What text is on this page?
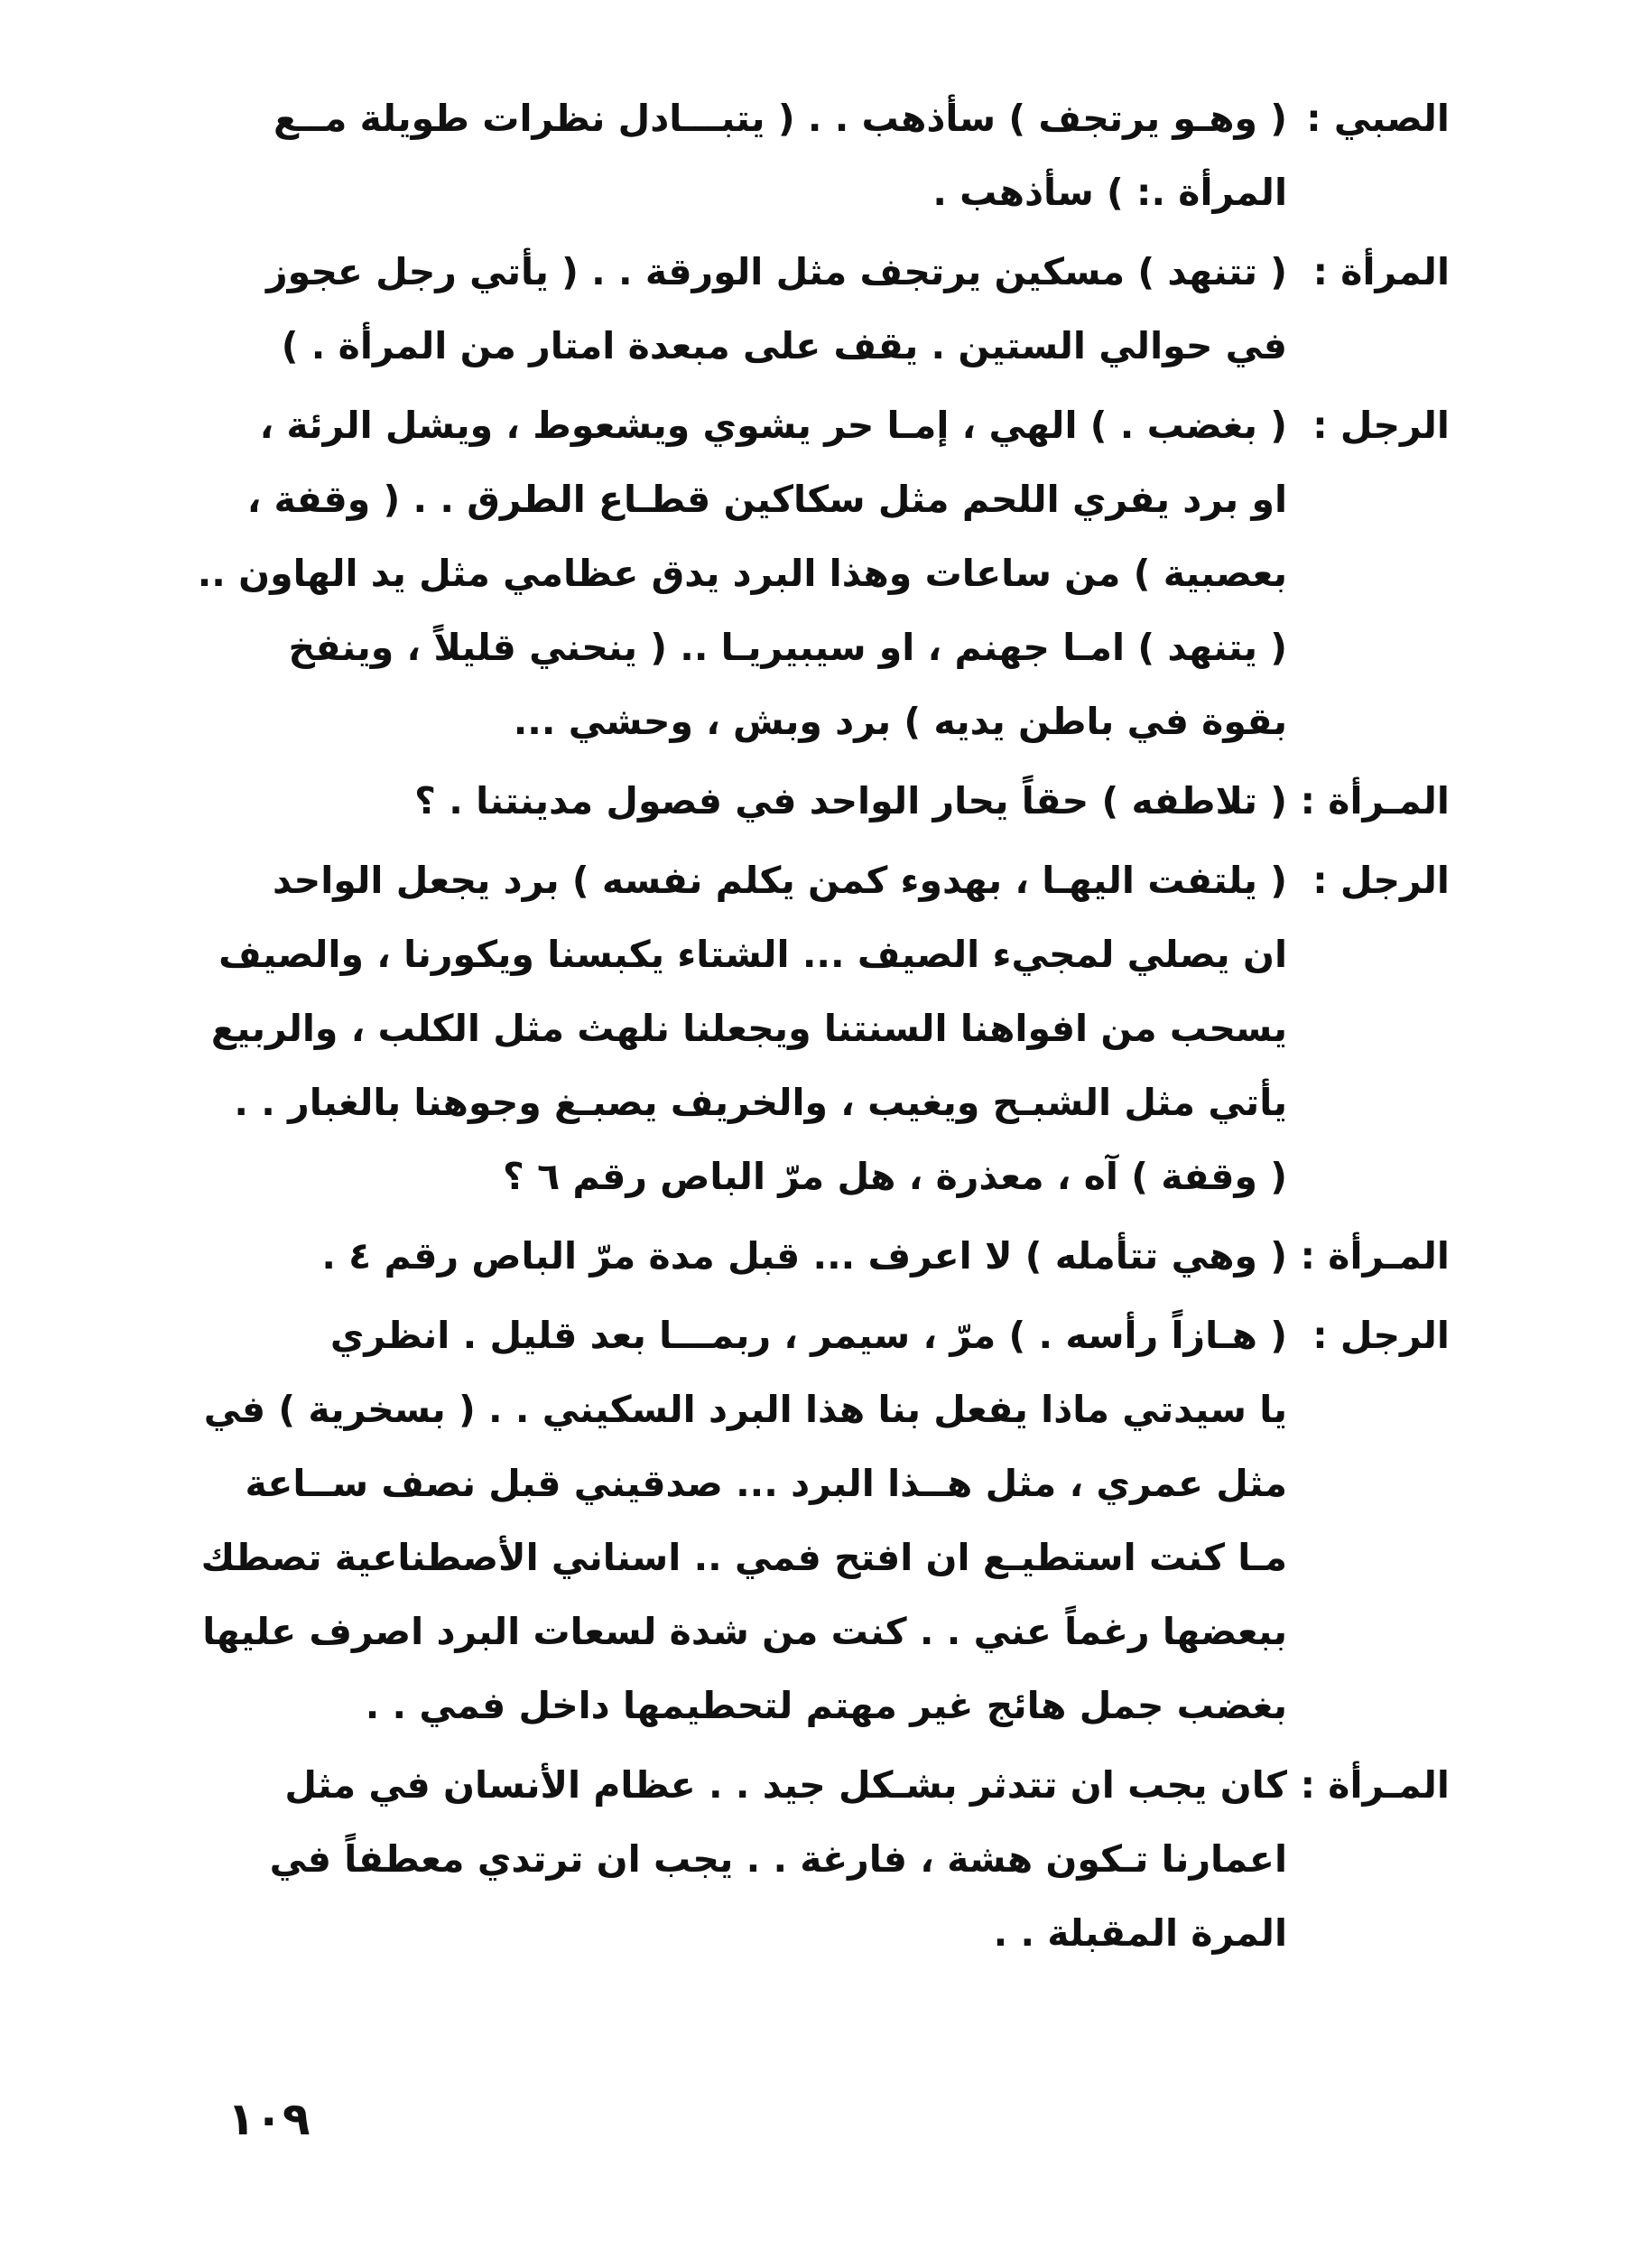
الصبي :
( وهـو يرتجف ) سأذهب . . ( يتبـــادل نظرات طويلة مــع
المرأة .: ) سأذهب .
المرأة :
( تتنهد ) مسكين يرتجف مثل الورقة . . ( يأتي رجل عجوز
في حوالي الستين . يقف على مبعدة امتار من المرأة . )
الرجل :
( بغضب . ) الهي ، إمـا حر يشوي ويشعوط ، ويشل الرئة ،
او برد يفري اللحم مثل سكاكين قطـاع الطرق . . ( وقفة ،
بعصبية ) من ساعات وهذا البرد يدق عظامي مثل يد الهاون ..
( يتنهد ) امـا جهنم ، او سيبيريـا .. ( ينحني قليلاً ، وينفخ
بقوة في باطن يديه ) برد وبش ، وحشي ...
المـرأة :
( تلاطفه ) حقاً يحار الواحد في فصول مدينتنا . ؟
الرجل :
( يلتفت اليهـا ، بهدوء كمن يكلم نفسه ) برد يجعل الواحد
ان يصلي لمجيء الصيف ... الشتاء يكبسنا ويكورنا ، والصيف
يسحب من افواهنا السنتنا ويجعلنا نلهث مثل الكلب ، والربيع
يأتي مثل الشبـح ويغيب ، والخريف يصبـغ وجوهنا بالغبار . .
( وقفة ) آه ، معذرة ، هل مرّ الباص رقم ٦ ؟
المـرأة :
( وهي تتأمله ) لا اعرف ... قبل مدة مرّ الباص رقم ٤ .
الرجل :
( هـازاً رأسه . ) مرّ ، سيمر ، ربمـــا بعد قليل . انظري
يا سيدتي ماذا يفعل بنا هذا البرد السكيني . . ( بسخرية ) في
مثل عمري ، مثل هــذا البرد ... صدقيني قبل نصف ســاعة
مـا كنت استطيـع ان افتح فمي .. اسناني الأصطناعية تصطك
ببعضها رغماً عني . . كنت من شدة لسعات البرد اصرف عليها
بغضب جمل هائج غير مهتم لتحطيمها داخل فمي . .
المـرأة :
كان يجب ان تتدثر بشـكل جيد . . عظام الأنسان في مثل
اعمارنا تـكون هشة ، فارغة . . يجب ان ترتدي معطفاً في
المرة المقبلة . .
١٠٩
